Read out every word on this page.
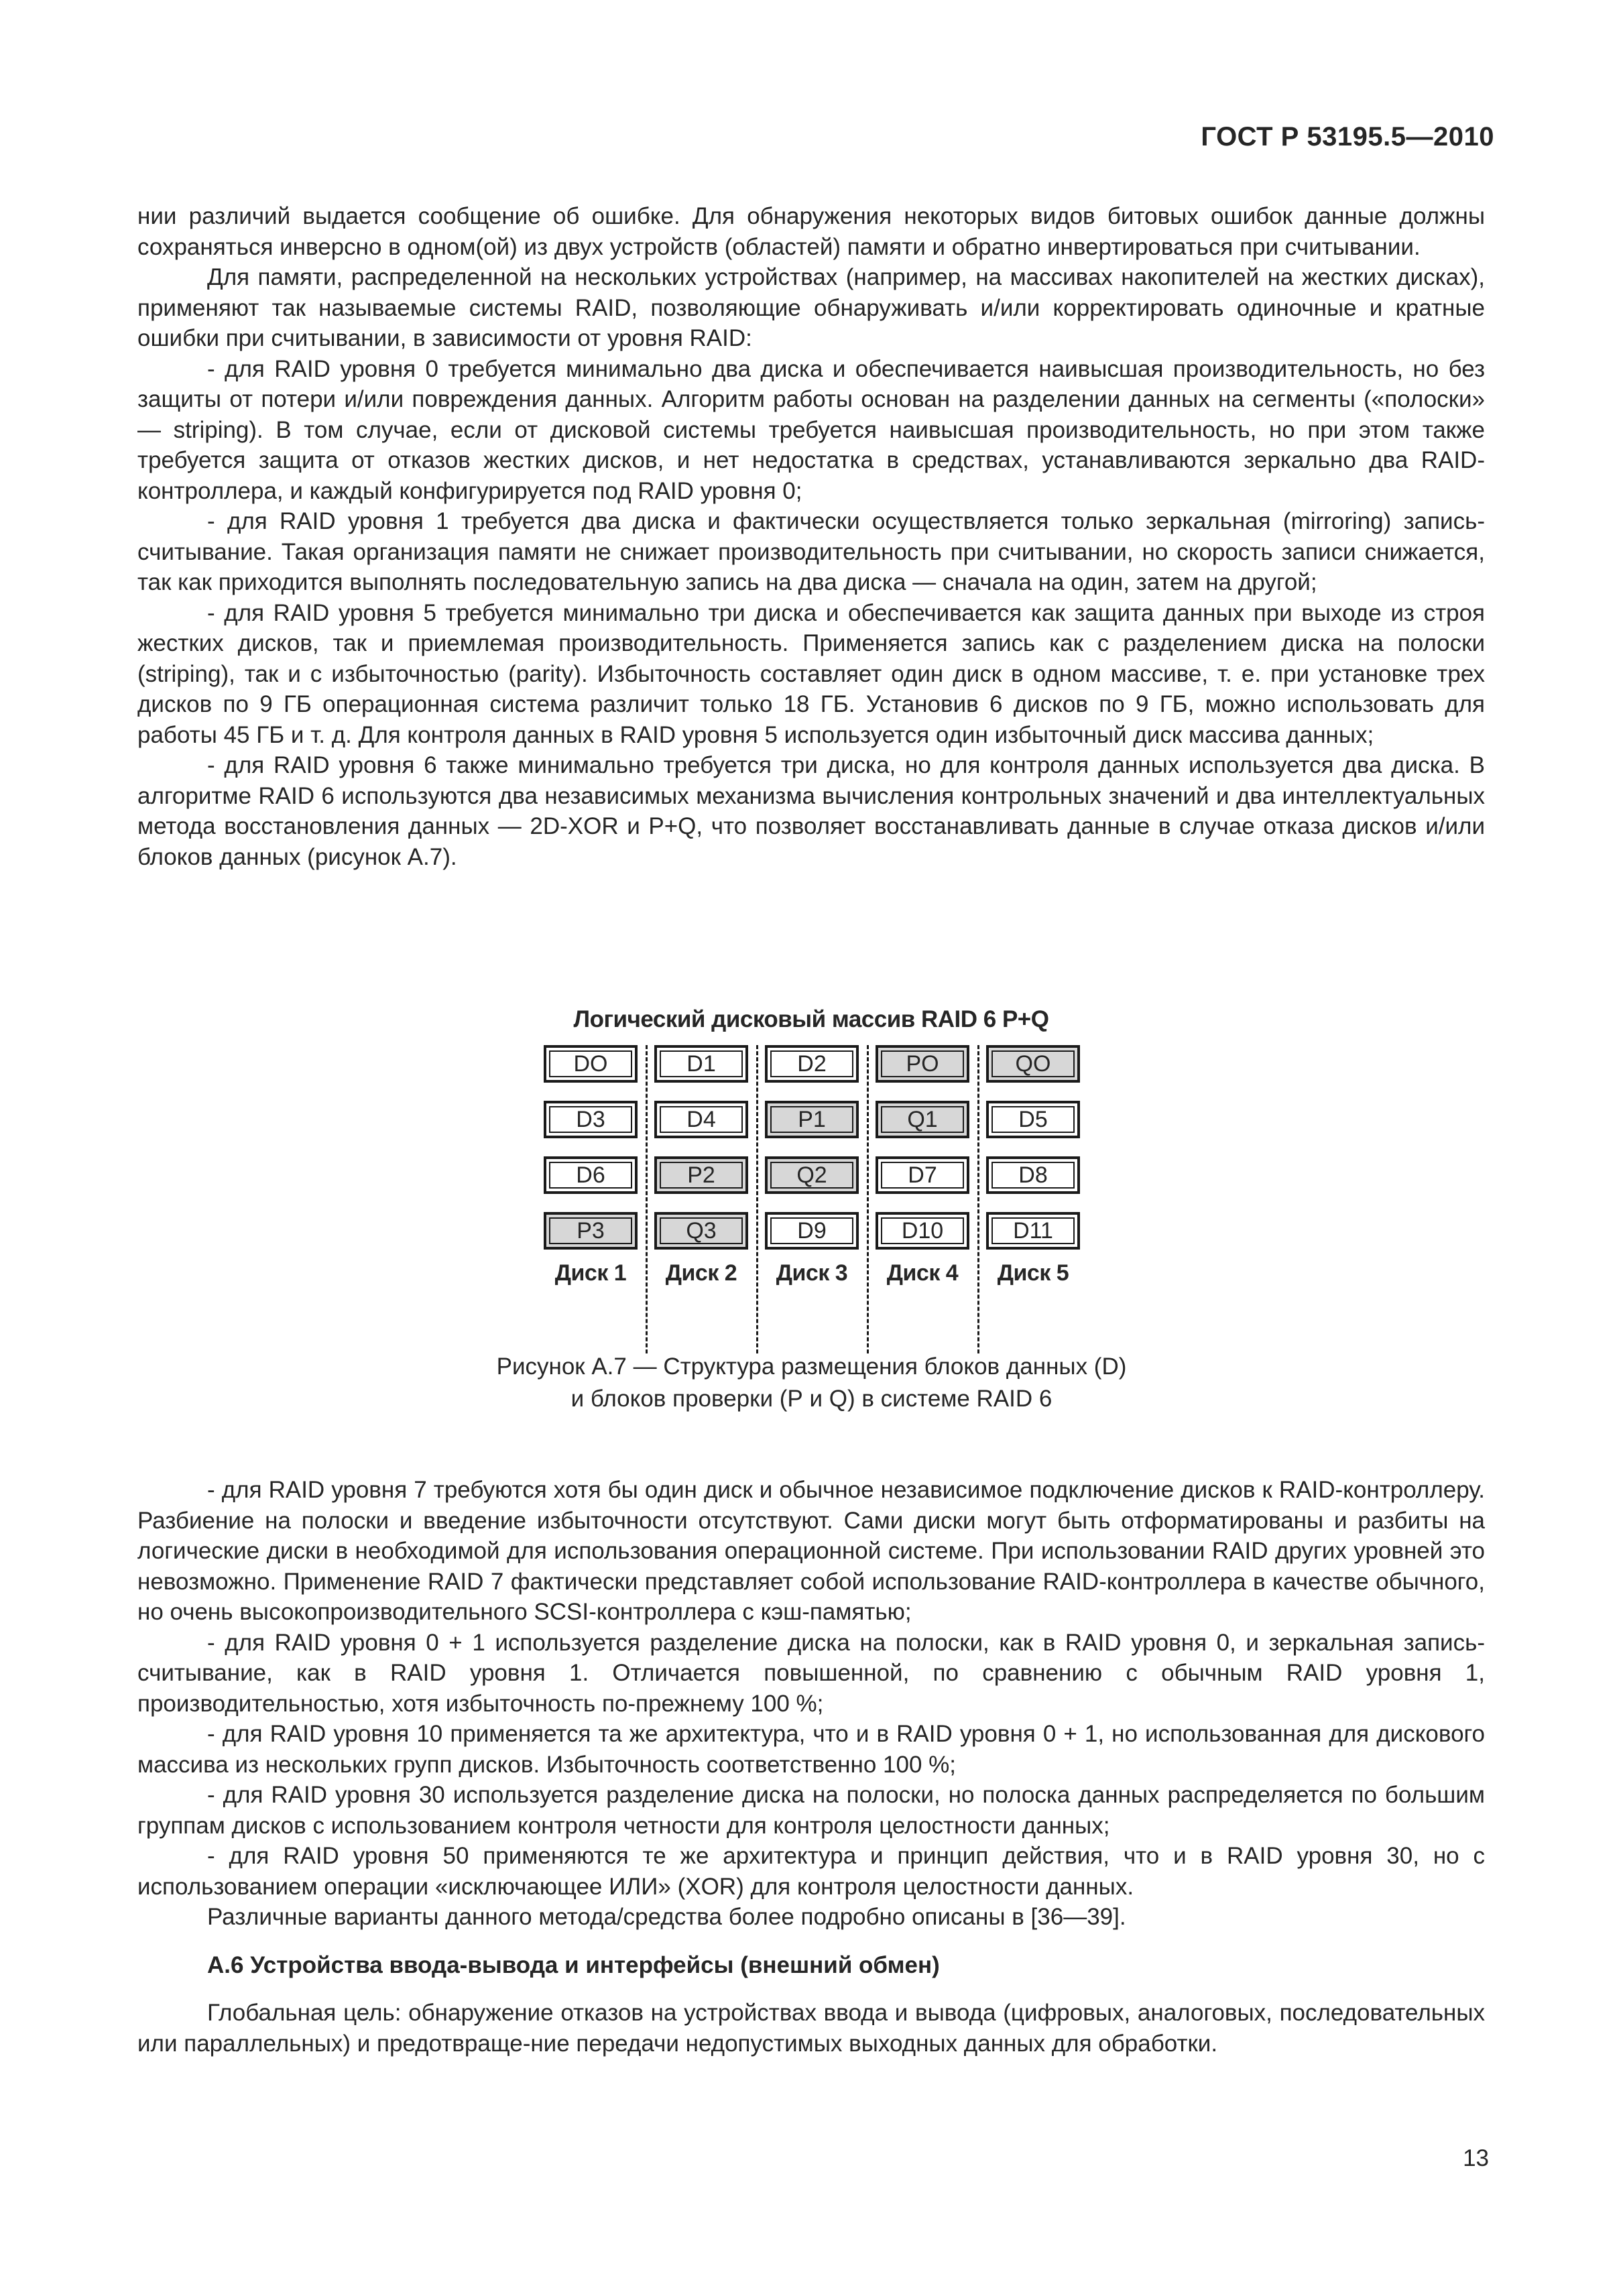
ГОСТ Р 53195.5—2010

нии различий выдается сообщение об ошибке. Для обнаружения некоторых видов битовых ошибок данные должны сохраняться инверсно в одном(ой) из двух устройств (областей) памяти и обратно инвертироваться при считывании.

Для памяти, распределенной на нескольких устройствах (например, на массивах накопителей на жестких дисках), применяют так называемые системы RAID, позволяющие обнаруживать и/или корректировать одиночные и кратные ошибки при считывании, в зависимости от уровня RAID:

- для RAID уровня 0 требуется минимально два диска и обеспечивается наивысшая производительность, но без защиты от потери и/или повреждения данных. Алгоритм работы основан на разделении данных на сегменты («полоски» — striping). В том случае, если от дисковой системы требуется наивысшая производительность, но при этом также требуется защита от отказов жестких дисков, и нет недостатка в средствах, устанавливаются зеркально два RAID-контроллера, и каждый конфигурируется под RAID уровня 0;

- для RAID уровня 1 требуется два диска и фактически осуществляется только зеркальная (mirroring) запись-считывание. Такая организация памяти не снижает производительность при считывании, но скорость записи снижается, так как приходится выполнять последовательную запись на два диска — сначала на один, затем на другой;

- для RAID уровня 5 требуется минимально три диска и обеспечивается как защита данных при выходе из строя жестких дисков, так и приемлемая производительность. Применяется запись как с разделением диска на полоски (striping), так и с избыточностью (parity). Избыточность составляет один диск в одном массиве, т. е. при установке трех дисков по 9 ГБ операционная система различит только 18 ГБ. Установив 6 дисков по 9 ГБ, можно использовать для работы 45 ГБ и т. д. Для контроля данных в RAID уровня 5 используется один избыточный диск массива данных;

- для RAID уровня 6 также минимально требуется три диска, но для контроля данных используется два диска. В алгоритме RAID 6 используются два независимых механизма вычисления контрольных значений и два интеллектуальных метода восстановления данных — 2D-XOR и P+Q, что позволяет восстанавливать данные в случае отказа дисков и/или блоков данных (рисунок А.7).

Логический дисковый массив RAID 6 P+Q
DO	D1	D2	PO	QO
D3	D4	P1	Q1	D5
D6	P2	Q2	D7	D8
P3	Q3	D9	D10	D11
Диск 1	Диск 2	Диск 3	Диск 4	Диск 5
Рисунок А.7 — Структура размещения блоков данных (D)
и блоков проверки (Р и Q) в системе RAID 6

- для RAID уровня 7 требуются хотя бы один диск и обычное независимое подключение дисков к RAID-контроллеру. Разбиение на полоски и введение избыточности отсутствуют. Сами диски могут быть отформатированы и разбиты на логические диски в необходимой для использования операционной системе. При использовании RAID других уровней это невозможно. Применение RAID 7 фактически представляет собой использование RAID-контроллера в качестве обычного, но очень высокопроизводительного SCSI-контроллера с кэш-памятью;

- для RAID уровня 0 + 1 используется разделение диска на полоски, как в RAID уровня 0, и зеркальная запись-считывание, как в RAID уровня 1. Отличается повышенной, по сравнению с обычным RAID уровня 1, производительностью, хотя избыточность по-прежнему 100 %;

- для RAID уровня 10 применяется та же архитектура, что и в RAID уровня 0 + 1, но использованная для дискового массива из нескольких групп дисков. Избыточность соответственно 100 %;

- для RAID уровня 30 используется разделение диска на полоски, но полоска данных распределяется по большим группам дисков с использованием контроля четности для контроля целостности данных;

- для RAID уровня 50 применяются те же архитектура и принцип действия, что и в RAID уровня 30, но с использованием операции «исключающее ИЛИ» (XOR) для контроля целостности данных.

Различные варианты данного метода/средства более подробно описаны в [36—39].

А.6 Устройства ввода-вывода и интерфейсы (внешний обмен)

Глобальная цель: обнаружение отказов на устройствах ввода и вывода (цифровых, аналоговых, последовательных или параллельных) и предотвраще-ние передачи недопустимых выходных данных для обработки.

13
